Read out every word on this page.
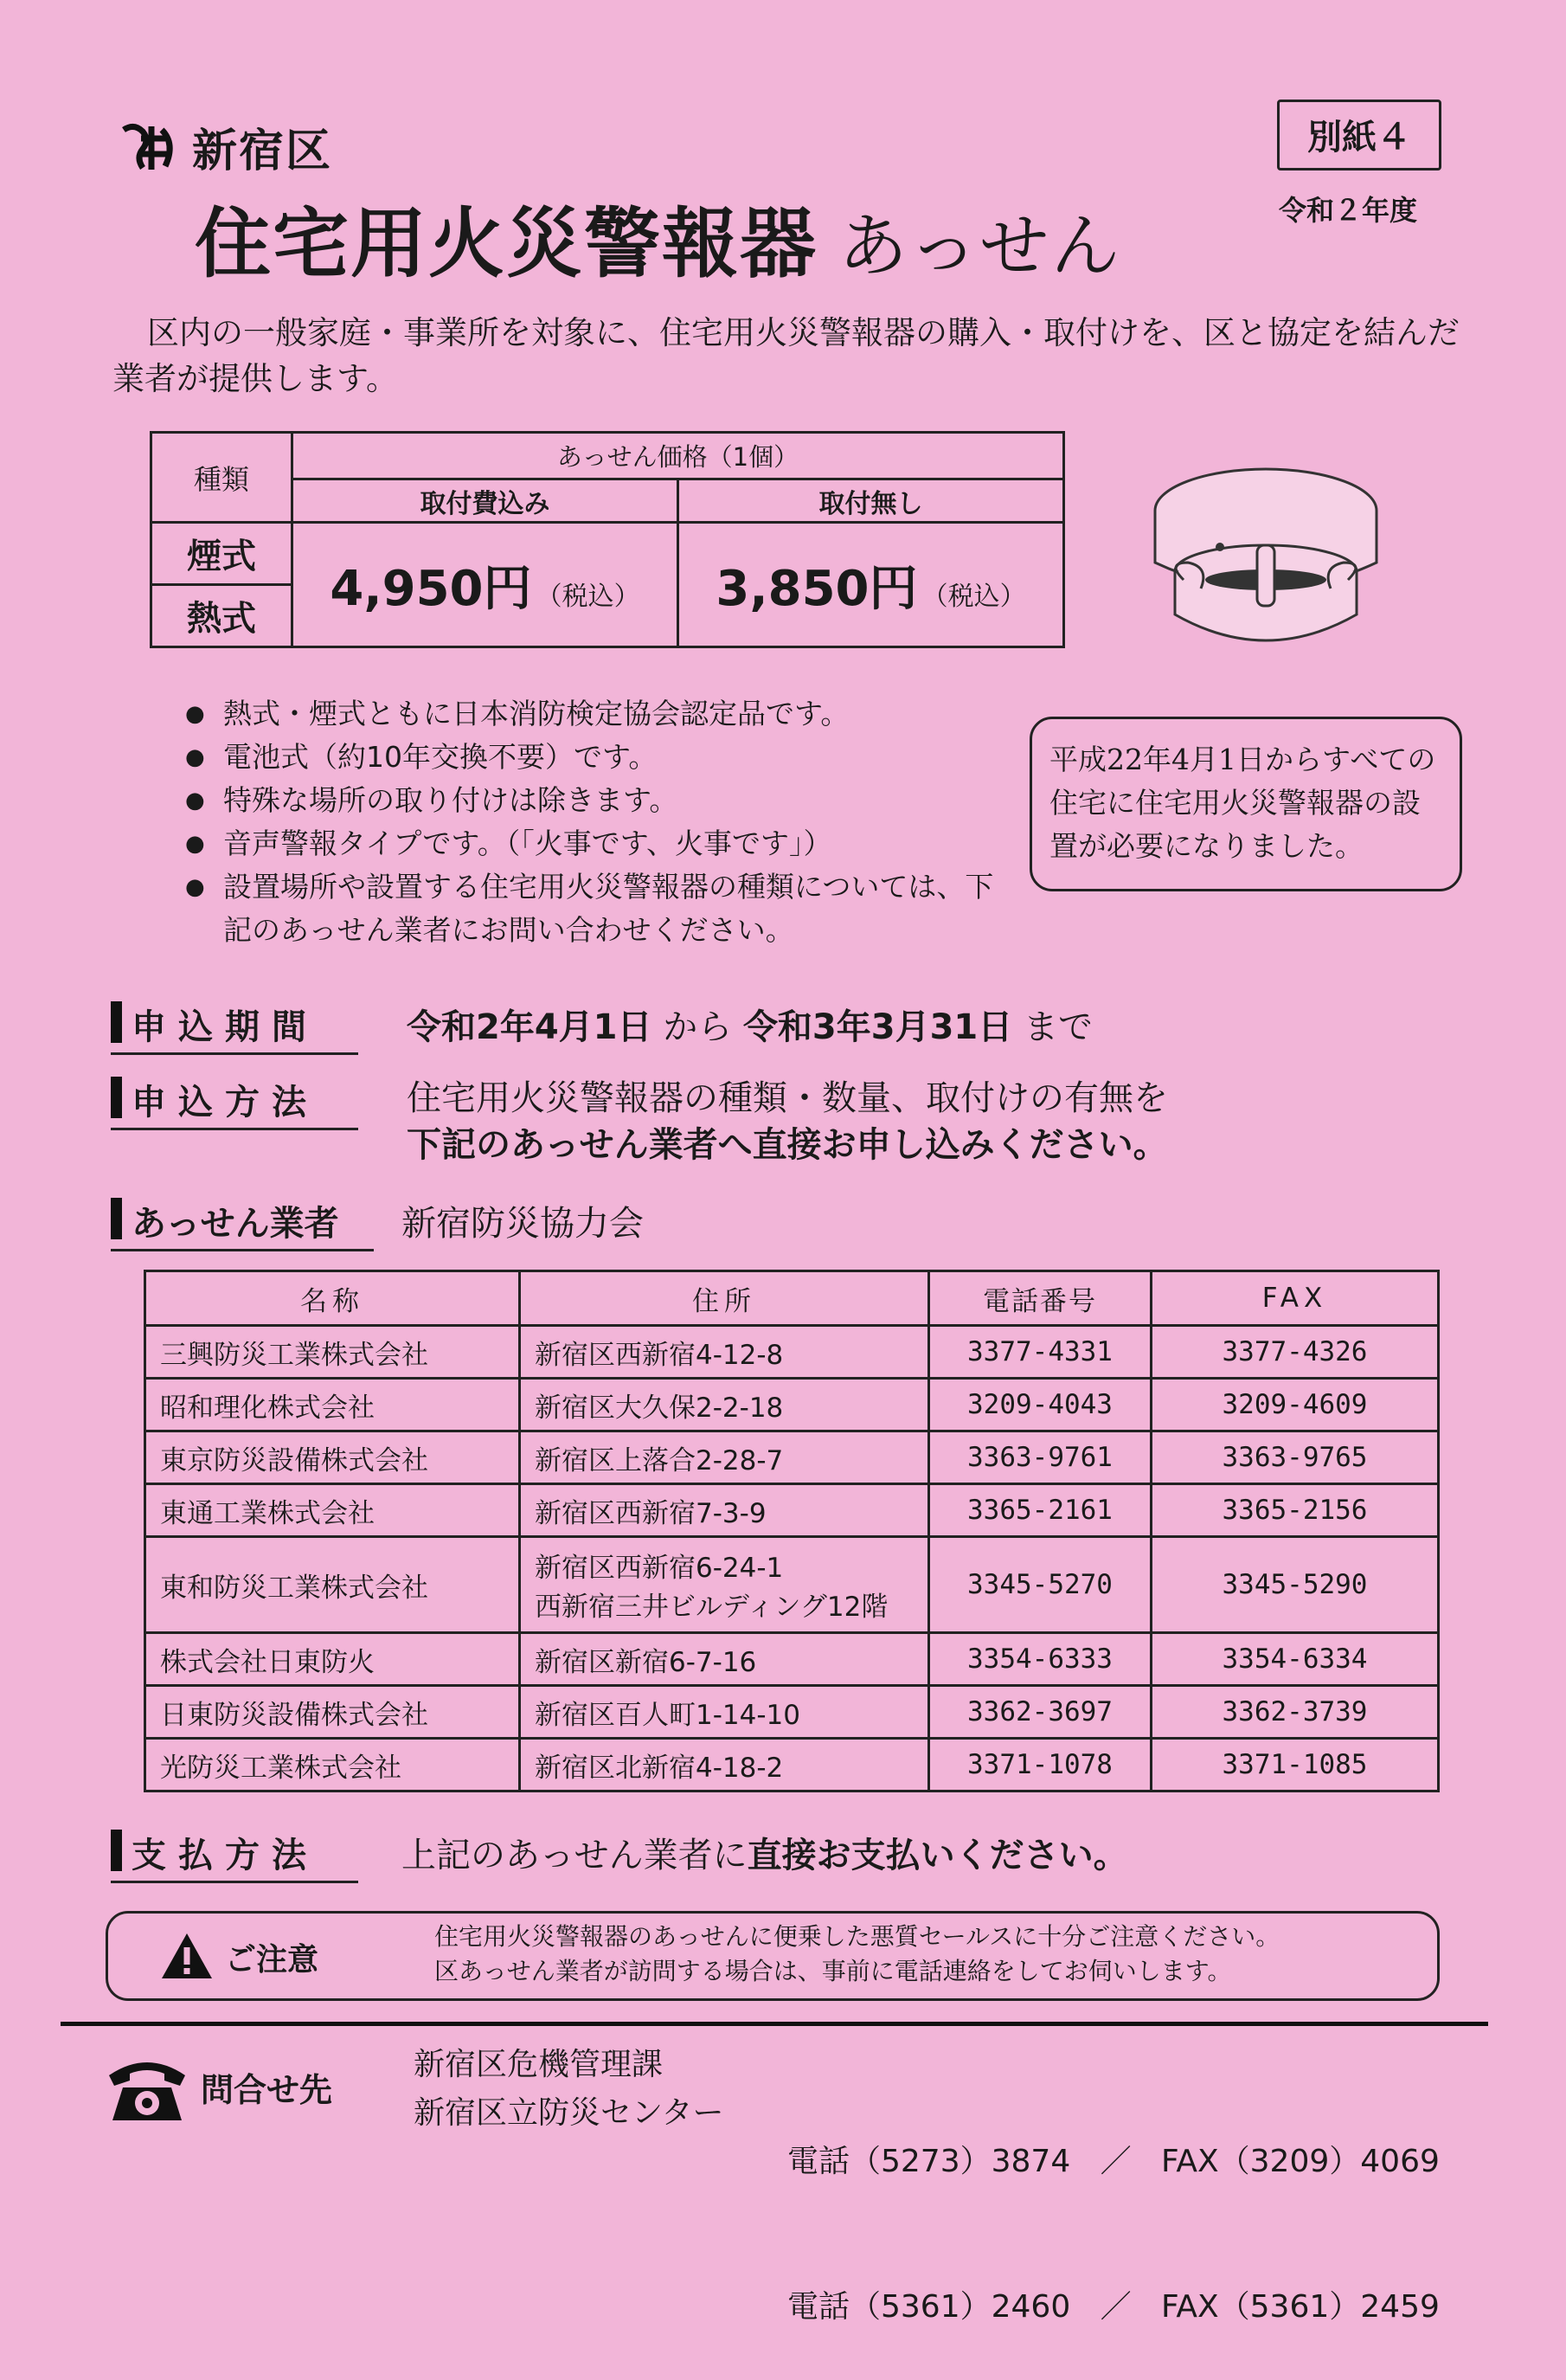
新宿区
住宅用火災警報器 あっせん
別紙４
令和２年度
区内の一般家庭・事業所を対象に、住宅用火災警報器の購入・取付けを、区と協定を結んだ業者が提供します。
種類	あっせん価格（1個）	
	取付費込み	取付無し
煙式	4,950円 （税込）	3,850円 （税込）
熱式		
● 熱式・煙式ともに日本消防検定協会認定品です。
● 電池式（約10年交換不要）です。
● 特殊な場所の取り付けは除きます。
● 音声警報タイプです。（「火事です、火事です」）
● 設置場所や設置する住宅用火災警報器の種類については、下記のあっせん業者にお問い合わせください。
平成22年4月1日からすべての住宅に住宅用火災警報器の設置が必要になりました。
申込期間	令和2年4月1日 から 令和3年3月31日 まで
申込方法	住宅用火災警報器の種類・数量、取付けの有無を
下記のあっせん業者へ直接お申し込みください。
あっせん業者	新宿防災協力会
名称	住所	電話番号	FAX
三興防災工業株式会社	新宿区西新宿4-12-8	3377-4331	3377-4326
昭和理化株式会社	新宿区大久保2-2-18	3209-4043	3209-4609
東京防災設備株式会社	新宿区上落合2-28-7	3363-9761	3363-9765
東通工業株式会社	新宿区西新宿7-3-9	3365-2161	3365-2156
東和防災工業株式会社	新宿区西新宿6-24-1
西新宿三井ビルディング12階	3345-5270	3345-5290
株式会社日東防火	新宿区新宿6-7-16	3354-6333	3354-6334
日東防災設備株式会社	新宿区百人町1-14-10	3362-3697	3362-3739
光防災工業株式会社	新宿区北新宿4-18-2	3371-1078	3371-1085
支払方法	上記のあっせん業者に直接お支払いください。
ご注意
住宅用火災警報器のあっせんに便乗した悪質セールスに十分ご注意ください。
区あっせん業者が訪問する場合は、事前に電話連絡をしてお伺いします。
問合せ先
新宿区危機管理課
新宿区立防災センター

電話（5273）3874 ／ FAX（3209）4069

電話（5361）2460 ／ FAX（5361）2459
